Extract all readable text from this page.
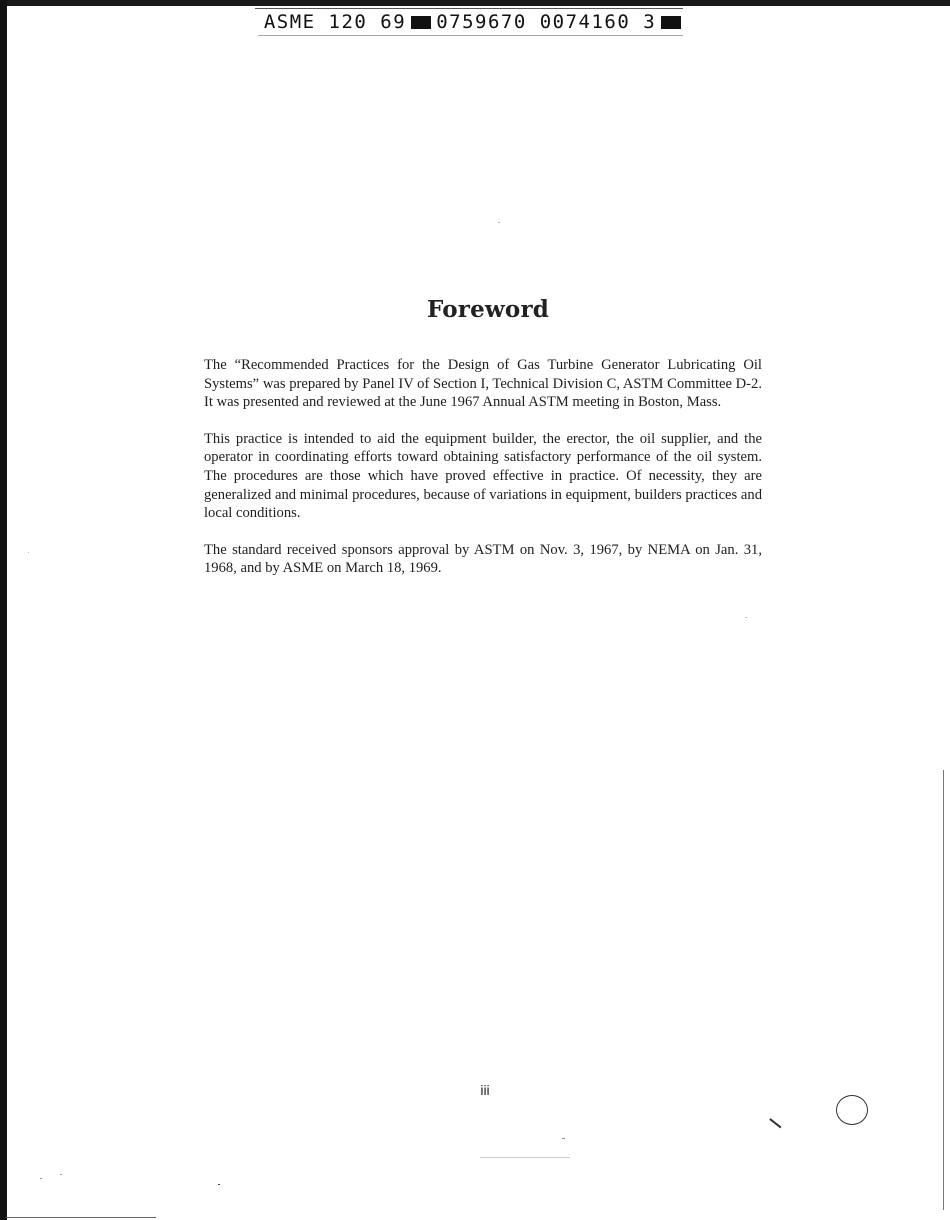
ASME 120 69 0759670 0074160 3
Foreword

The “Recommended Practices for the Design of Gas Turbine Generator Lubricating Oil Systems” was prepared by Panel IV of Section I, Technical Division C, ASTM Committee D-2. It was presented and reviewed at the June 1967 Annual ASTM meeting in Boston, Mass.

This practice is intended to aid the equipment builder, the erector, the oil supplier, and the operator in coordinating efforts toward obtaining satisfactory performance of the oil system. The procedures are those which have proved effective in practice. Of necessity, they are generalized and minimal procedures, because of variations in equipment, builders practices and local conditions.

The standard received sponsors approval by ASTM on Nov. 3, 1967, by NEMA on Jan. 31, 1968, and by ASME on March 18, 1969.

iii
